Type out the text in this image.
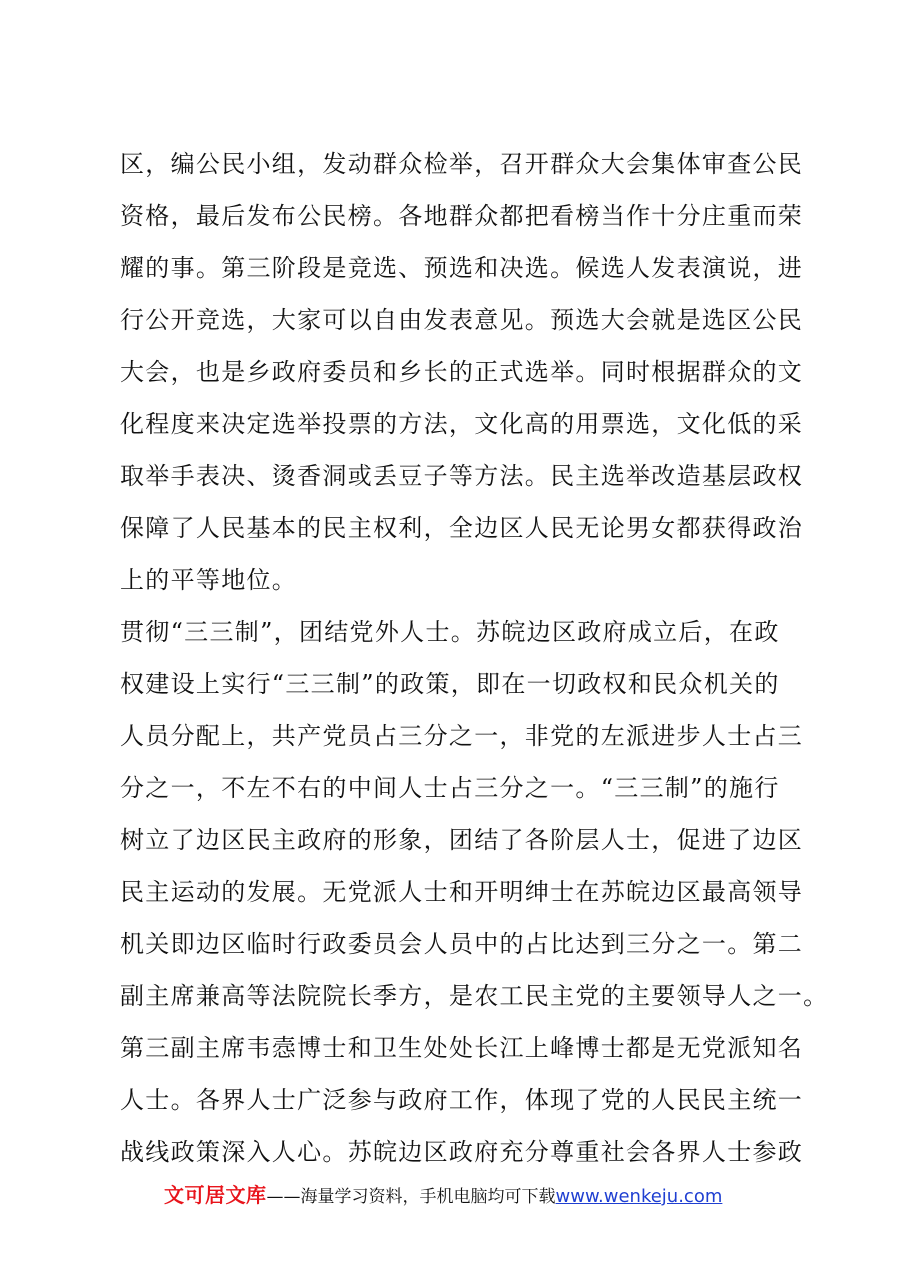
区，编公民小组，发动群众检举，召开群众大会集体审查公民
资格，最后发布公民榜。各地群众都把看榜当作十分庄重而荣
耀的事。第三阶段是竞选、预选和决选。候选人发表演说，进
行公开竞选，大家可以自由发表意见。预选大会就是选区公民
大会，也是乡政府委员和乡长的正式选举。同时根据群众的文
化程度来决定选举投票的方法，文化高的用票选，文化低的采
取举手表决、烫香洞或丢豆子等方法。民主选举改造基层政权
保障了人民基本的民主权利，全边区人民无论男女都获得政治
上的平等地位。
贯彻“三三制”，团结党外人士。苏皖边区政府成立后，在政
权建设上实行“三三制”的政策，即在一切政权和民众机关的
人员分配上，共产党员占三分之一，非党的左派进步人士占三
分之一，不左不右的中间人士占三分之一。“三三制”的施行
树立了边区民主政府的形象，团结了各阶层人士，促进了边区
民主运动的发展。无党派人士和开明绅士在苏皖边区最高领导
机关即边区临时行政委员会人员中的占比达到三分之一。第二
副主席兼高等法院院长季方，是农工民主党的主要领导人之一。
第三副主席韦悫博士和卫生处处长江上峰博士都是无党派知名
人士。各界人士广泛参与政府工作，体现了党的人民民主统一
战线政策深入人心。苏皖边区政府充分尊重社会各界人士参政
文可居文库——海量学习资料，手机电脑均可下载www.wenkeju.com
